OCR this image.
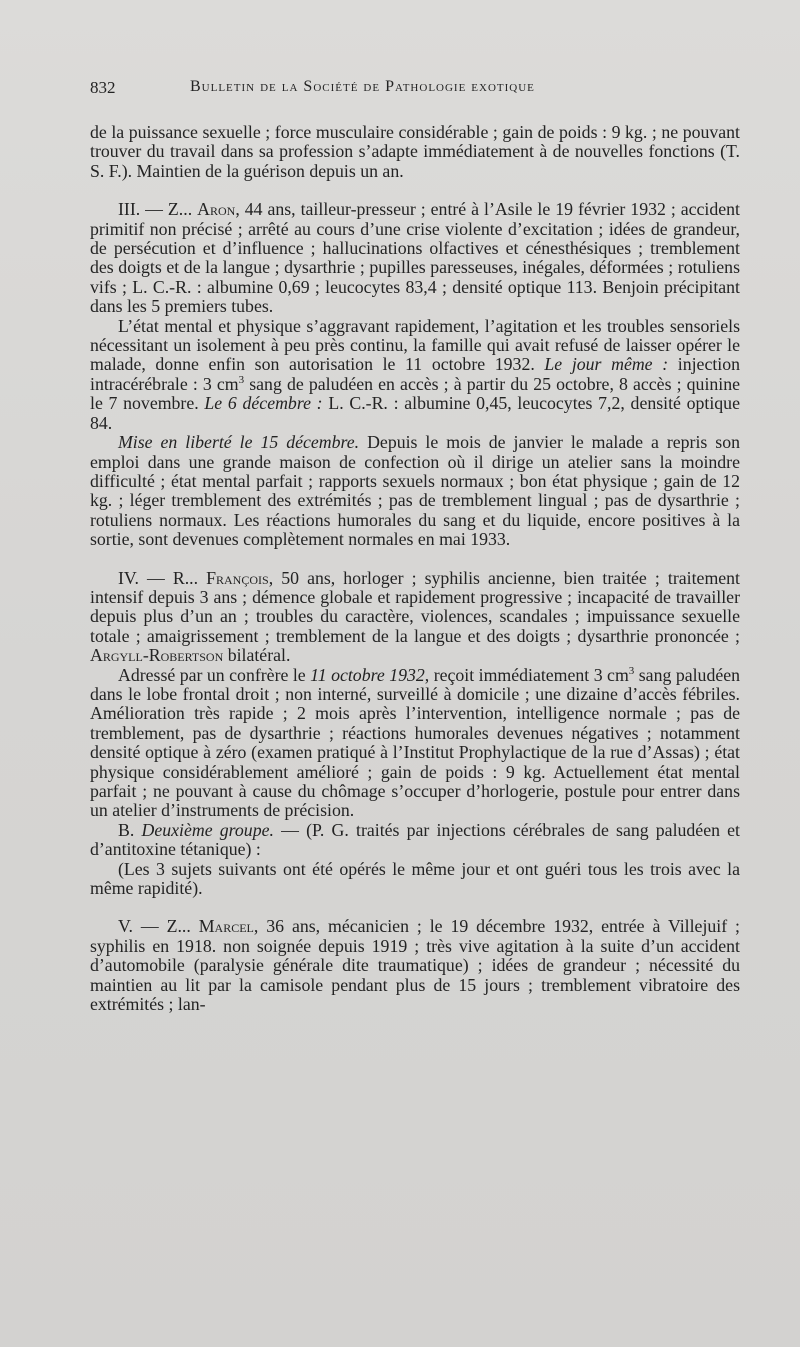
832	Bulletin de la Société de Pathologie exotique

de la puissance sexuelle ; force musculaire considérable ; gain de poids : 9 kg. ; ne pouvant trouver du travail dans sa profession s’adapte immédiatement à de nouvelles fonctions (T. S. F.). Maintien de la guérison depuis un an.

III. — Z... Aron, 44 ans, tailleur-presseur ; entré à l’Asile le 19 février 1932 ; accident primitif non précisé ; arrêté au cours d’une crise violente d’excitation ; idées de grandeur, de persécution et d’influence ; hallucinations olfactives et cénesthésiques ; tremblement des doigts et de la langue ; dysarthrie ; pupilles paresseuses, inégales, déformées ; rotuliens vifs ; L. C.-R. : albumine 0,69 ; leucocytes 83,4 ; densité optique 113. Benjoin précipitant dans les 5 premiers tubes.

L’état mental et physique s’aggravant rapidement, l’agitation et les troubles sensoriels nécessitant un isolement à peu près continu, la famille qui avait refusé de laisser opérer le malade, donne enfin son autorisation le 11 octobre 1932. Le jour même : injection intracérébrale : 3 $cm^3$ sang de paludéen en accès ; à partir du 25 octobre, 8 accès ; quinine le 7 novembre. Le 6 décembre : L. C.-R. : albumine 0,45, leucocytes 7,2, densité optique 84.

Mise en liberté le 15 décembre. Depuis le mois de janvier le malade a repris son emploi dans une grande maison de confection où il dirige un atelier sans la moindre difficulté ; état mental parfait ; rapports sexuels normaux ; bon état physique ; gain de 12 kg. ; léger tremblement des extrémités ; pas de tremblement lingual ; pas de dysarthrie ; rotuliens normaux. Les réactions humorales du sang et du liquide, encore positives à la sortie, sont devenues complètement normales en mai 1933.

IV. — R... François, 50 ans, horloger ; syphilis ancienne, bien traitée ; traitement intensif depuis 3 ans ; démence globale et rapidement progressive ; incapacité de travailler depuis plus d’un an ; troubles du caractère, violences, scandales ; impuissance sexuelle totale ; amaigrissement ; tremblement de la langue et des doigts ; dysarthrie prononcée ; Argyll-Robertson bilatéral.

Adressé par un confrère le 11 octobre 1932, reçoit immédiatement 3 $cm^3$ sang paludéen dans le lobe frontal droit ; non interné, surveillé à domicile ; une dizaine d’accès fébriles. Amélioration très rapide ; 2 mois après l’intervention, intelligence normale ; pas de tremblement, pas de dysarthrie ; réactions humorales devenues négatives ; notamment densité optique à zéro (examen pratiqué à l’Institut Prophylactique de la rue d’Assas) ; état physique considérablement amélioré ; gain de poids : 9 kg. Actuellement état mental parfait ; ne pouvant à cause du chômage s’occuper d’horlogerie, postule pour entrer dans un atelier d’instruments de précision.

B. Deuxième groupe. — (P. G. traités par injections cérébrales de sang paludéen et d’antitoxine tétanique) :

(Les 3 sujets suivants ont été opérés le même jour et ont guéri tous les trois avec la même rapidité).

V. — Z... Marcel, 36 ans, mécanicien ; le 19 décembre 1932, entrée à Villejuif ; syphilis en 1918. non soignée depuis 1919 ; très vive agitation à la suite d’un accident d’automobile (paralysie générale dite traumatique) ; idées de grandeur ; nécessité du maintien au lit par la camisole pendant plus de 15 jours ; tremblement vibratoire des extrémités ; lan-
